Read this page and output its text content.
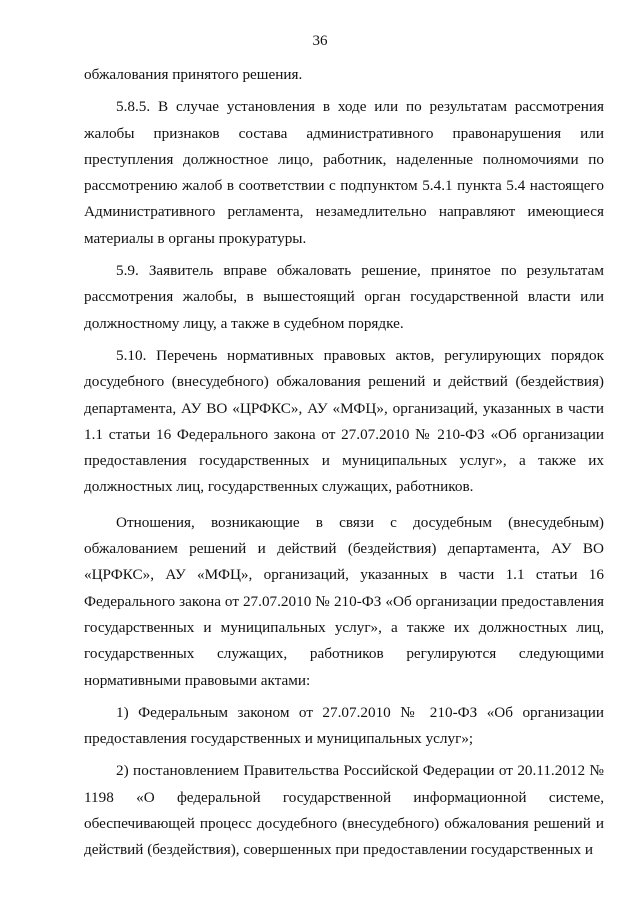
36

обжалования принятого решения.

5.8.5. В случае установления в ходе или по результатам рассмотрения жалобы признаков состава административного правонарушения или преступления должностное лицо, работник, наделенные полномочиями по рассмотрению жалоб в соответствии с подпунктом 5.4.1 пункта 5.4 настоящего Административного регламента, незамедлительно направляют имеющиеся материалы в органы прокуратуры.

5.9. Заявитель вправе обжаловать решение, принятое по результатам рассмотрения жалобы, в вышестоящий орган государственной власти или должностному лицу, а также в судебном порядке.

5.10. Перечень нормативных правовых актов, регулирующих порядок досудебного (внесудебного) обжалования решений и действий (бездействия) департамента, АУ ВО «ЦРФКС», АУ «МФЦ», организаций, указанных в части 1.1 статьи 16 Федерального закона от 27.07.2010 № 210-ФЗ «Об организации предоставления государственных и муниципальных услуг», а также их должностных лиц, государственных служащих, работников.

Отношения, возникающие в связи с досудебным (внесудебным) обжалованием решений и действий (бездействия) департамента, АУ ВО «ЦРФКС», АУ «МФЦ», организаций, указанных в части 1.1 статьи 16 Федерального закона от 27.07.2010 № 210-ФЗ «Об организации предоставления государственных и муниципальных услуг», а также их должностных лиц, государственных служащих, работников регулируются следующими нормативными правовыми актами:

1) Федеральным законом от 27.07.2010 № 210-ФЗ «Об организации предоставления государственных и муниципальных услуг»;

2) постановлением Правительства Российской Федерации от 20.11.2012 № 1198 «О федеральной государственной информационной системе, обеспечивающей процесс досудебного (внесудебного) обжалования решений и действий (бездействия), совершенных при предоставлении государственных и
